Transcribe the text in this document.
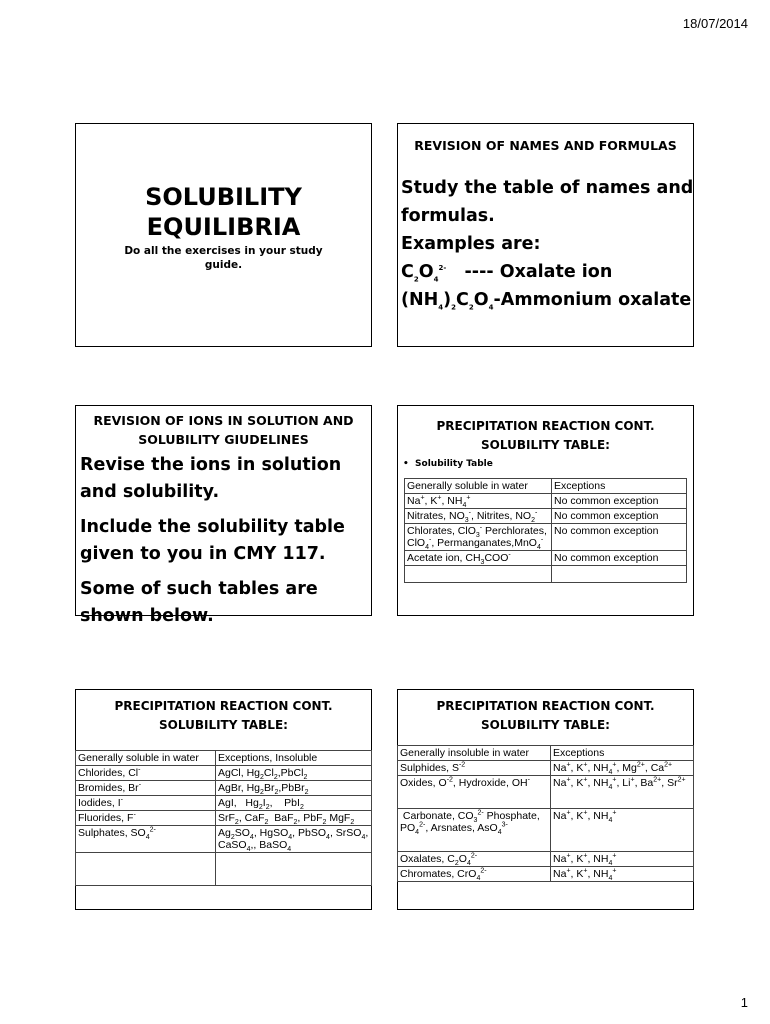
18/07/2014
SOLUBILITY
EQUILIBRIA
Do all the exercises in your study guide.
REVISION OF NAMES AND FORMULAS
Study the table of names and
formulas.
Examples are:
$C_2O_4^{2-}$ ---- Oxalate ion
$(NH_4)_2C_2O_4$-Ammonium oxalate
REVISION OF IONS IN SOLUTION AND SOLUBILITY GIUDELINES

Revise the ions in solution and solubility.

Include the solubility table given to you in CMY 117.

Some of such tables are shown below.

PRECIPITATION REACTION CONT.
SOLUBILITY TABLE:
•  Solubility Table
Generally soluble in water	Exceptions
Na+, K+, $NH_4^+$	No common exception
Nitrates, $NO_3^-$, Nitrites, $NO_2^-$	No common exception
Chlorates, ClO$_3$- Perchlorates, ClO$_4$-, Permanganates,MnO$_4$-	No common exception
Acetate ion, $CH_3COO^-$	No common exception

PRECIPITATION REACTION CONT.
SOLUBILITY TABLE:
Generally soluble in water	Exceptions, Insoluble
Chlorides, Cl-	AgCl, $Hg_2Cl_2,PbCl_2$
Bromides, Br-	AgBr, $Hg_2Br_2,PbBr_2$
Iodides, I-	AgI,   $Hg_2I_2$,    PbI$_2$
Fluorides, F-	SrF$_2$, CaF$_2$  BaF$_2$, PbF$_2$ MgF$_2$
Sulphates, $SO_4^{2-}$	$Ag_2SO_4$, HgSO$_4$, PbSO$_4$, SrSO$_4$, CaSO$_4$,, BaSO$_4$

PRECIPITATION REACTION CONT.
SOLUBILITY TABLE:
Generally insoluble in water	Exceptions
Sulphides, $S^{-2}$	Na+, K+, $NH_4^+$, $Mg^{2+}$, $Ca^{2+}$
Oxides, $O^{-2}$, Hydroxide, OH-	Na+, K+, $NH_4^+$, Li+, $Ba^{2+}$, $Sr^{2+}$
Carbonate, $CO_3^{2-}$ Phosphate, $PO_4^{2-}$, Arsnates, AsO$_4^{3-}$	Na+, K+, $NH_4^+$
Oxalates, $C_2O_4^{2-}$	Na+, K+, $NH_4^+$
Chromates, CrO$_4^{2-}$	Na+, K+, $NH_4^+$
1
